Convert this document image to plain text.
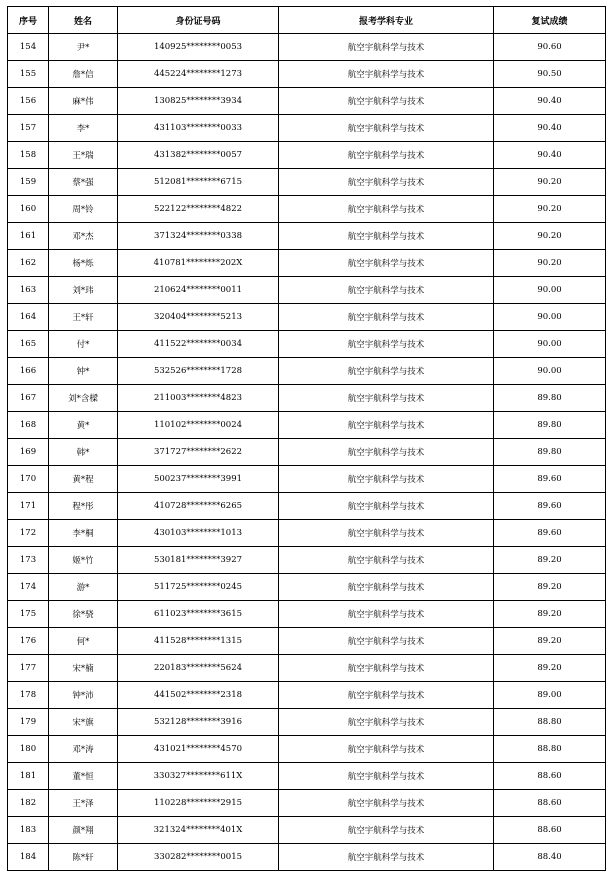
序号	姓名	身份证号码	报考学科专业	复试成绩
154	尹*	140925********0053	航空宇航科学与技术	90.60
155	詹*信	445224********1273	航空宇航科学与技术	90.50
156	麻*伟	130825********3934	航空宇航科学与技术	90.40
157	李*	431103********0033	航空宇航科学与技术	90.40
158	王*瑞	431382********0057	航空宇航科学与技术	90.40
159	蔡*强	512081********6715	航空宇航科学与技术	90.20
160	周*铃	522122********4822	航空宇航科学与技术	90.20
161	邓*杰	371324********0338	航空宇航科学与技术	90.20
162	杨*烁	410781********202X	航空宇航科学与技术	90.20
163	刘*玮	210624********0011	航空宇航科学与技术	90.00
164	王*轩	320404********5213	航空宇航科学与技术	90.00
165	付*	411522********0034	航空宇航科学与技术	90.00
166	钟*	532526********1728	航空宇航科学与技术	90.00
167	刘*含樑	211003********4823	航空宇航科学与技术	89.80
168	黄*	110102********0024	航空宇航科学与技术	89.80
169	韩*	371727********2622	航空宇航科学与技术	89.80
170	黄*程	500237********3991	航空宇航科学与技术	89.60
171	程*彤	410728********6265	航空宇航科学与技术	89.60
172	李*桐	430103********1013	航空宇航科学与技术	89.60
173	姬*竹	530181********3927	航空宇航科学与技术	89.20
174	游*	511725********0245	航空宇航科学与技术	89.20
175	徐*骁	611023********3615	航空宇航科学与技术	89.20
176	何*	411528********1315	航空宇航科学与技术	89.20
177	宋*楠	220183********5624	航空宇航科学与技术	89.20
178	钟*沛	441502********2318	航空宇航科学与技术	89.00
179	宋*旗	532128********3916	航空宇航科学与技术	88.80
180	邓*涛	431021********4570	航空宇航科学与技术	88.80
181	董*恒	330327********611X	航空宇航科学与技术	88.60
182	王*泽	110228********2915	航空宇航科学与技术	88.60
183	颜*翔	321324********401X	航空宇航科学与技术	88.60
184	陈*轩	330282********0015	航空宇航科学与技术	88.40
